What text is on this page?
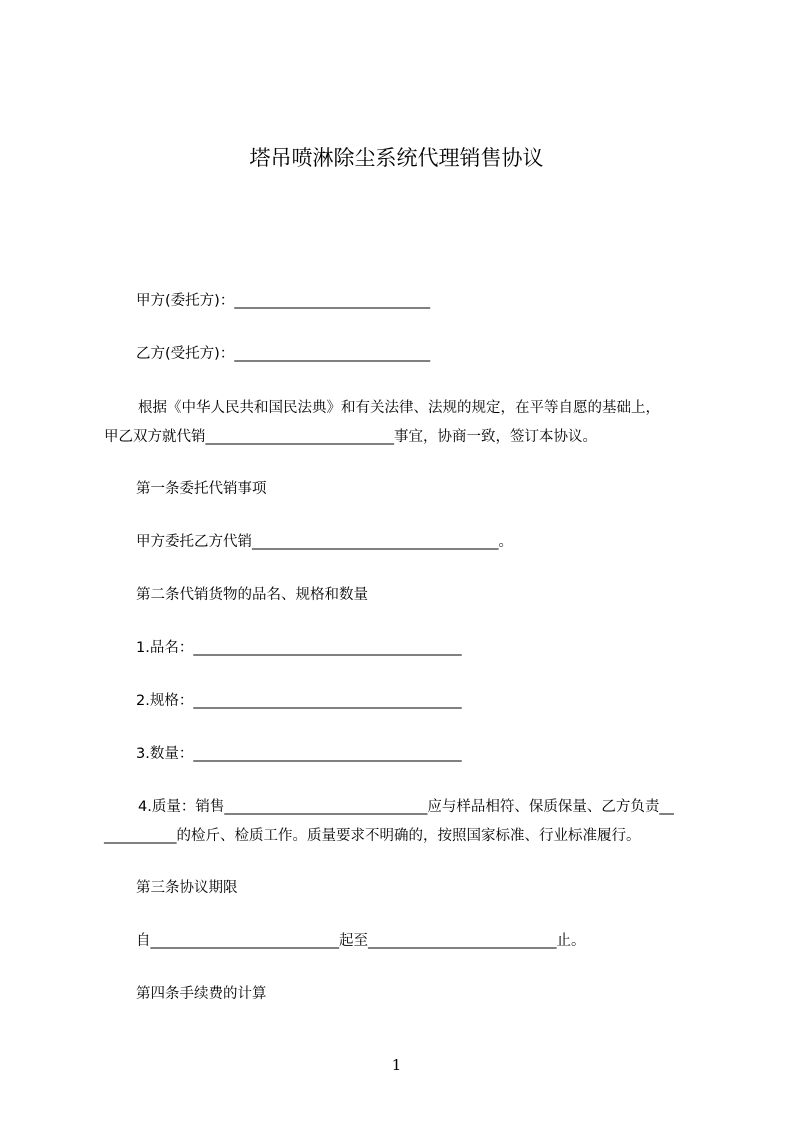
塔吊喷淋除尘系统代理销售协议
甲方(委托方)：___________________________
乙方(受托方)：___________________________
根据《中华人民共和国民法典》和有关法律、法规的规定，在平等自愿的基础上，
甲乙双方就代销__________________________事宜，协商一致，签订本协议。
第一条委托代销事项
甲方委托乙方代销__________________________________。
第二条代销货物的品名、规格和数量
1.品名：_____________________________________
2.规格：_____________________________________
3.数量：_____________________________________
4.质量：销售____________________________应与样品相符、保质保量、乙方负责__
__________的检斤、检质工作。质量要求不明确的，按照国家标准、行业标准履行。
第三条协议期限
自__________________________起至__________________________止。
第四条手续费的计算
1
